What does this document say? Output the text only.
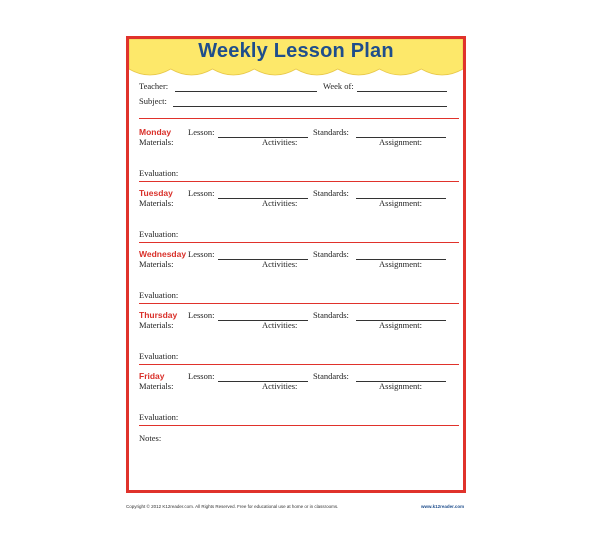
Weekly Lesson Plan
Teacher:	Week of:
Subject:
Monday Lesson:	Standards:
Materials:	Activities:	Assignment:
Evaluation:
Tuesday Lesson:	Standards:
Materials:	Activities:	Assignment:
Evaluation:
Wednesday Lesson:	Standards:
Materials:	Activities:	Assignment:
Evaluation:
Thursday Lesson:	Standards:
Materials:	Activities:	Assignment:
Evaluation:
Friday	Lesson:	Standards:
Materials:	Activities:	Assignment:
Evaluation:
Notes:
Copyright © 2012 K12reader.com. All Rights Reserved. Free for educational use at home or in classrooms.	www.k12reader.com
